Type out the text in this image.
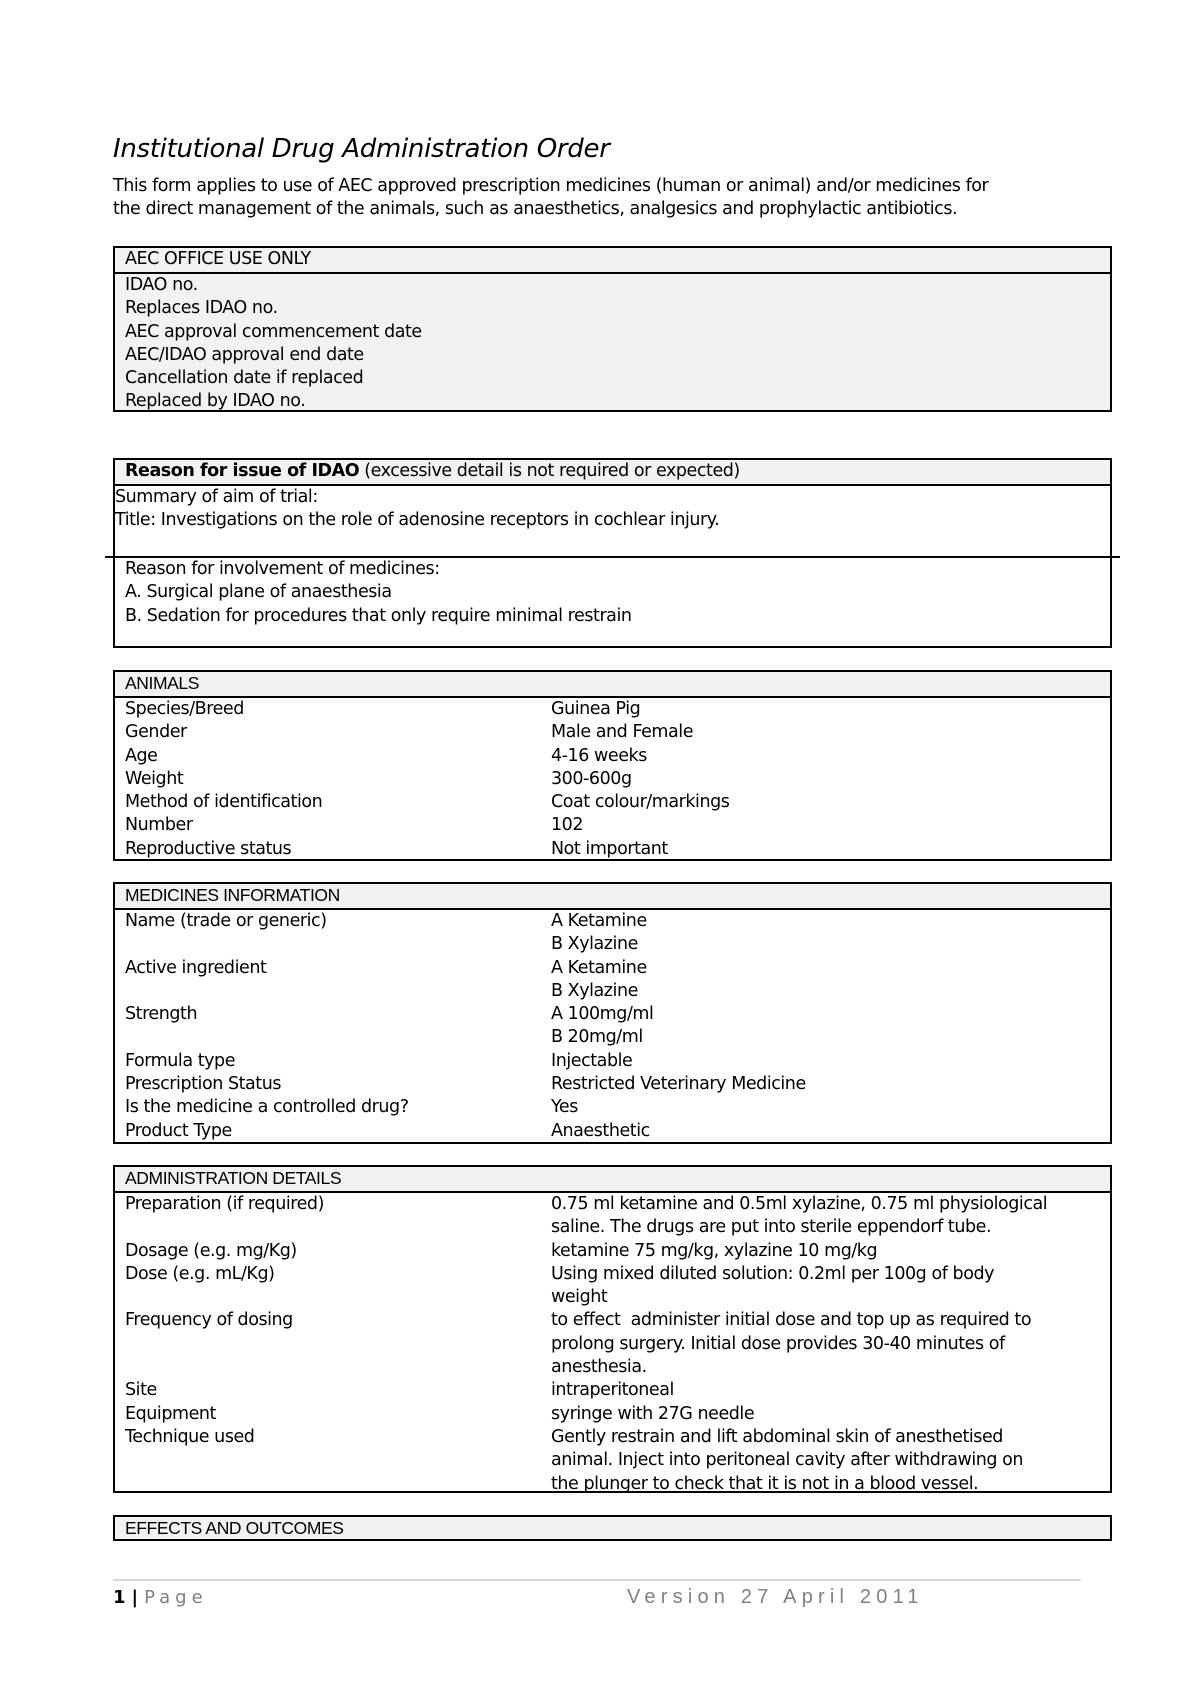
Institutional Drug Administration Order

This form applies to use of AEC approved prescription medicines (human or animal) and/or medicines for
the direct management of the animals, such as anaesthetics, analgesics and prophylactic antibiotics.

AEC OFFICE USE ONLY
IDAO no.
Replaces IDAO no.
AEC approval commencement date
AEC/IDAO approval end date
Cancellation date if replaced
Replaced by IDAO no.
Reason for issue of IDAO (excessive detail is not required or expected)
Summary of aim of trial:
Title: Investigations on the role of adenosine receptors in cochlear injury.
Reason for involvement of medicines:
A. Surgical plane of anaesthesia
B. Sedation for procedures that only require minimal restrain
ANIMALS
Species/Breed	Guinea Pig
Gender	Male and Female
Age	4-16 weeks
Weight	300-600g
Method of identification	Coat colour/markings
Number	102
Reproductive status	Not important
MEDICINES INFORMATION
Name (trade or generic)	A Ketamine
B Xylazine
Active ingredient	A Ketamine
B Xylazine
Strength	A 100mg/ml
B 20mg/ml
Formula type	Injectable
Prescription Status	Restricted Veterinary Medicine
Is the medicine a controlled drug?	Yes
Product Type	Anaesthetic
ADMINISTRATION DETAILS
Preparation (if required)	0.75 ml ketamine and 0.5ml xylazine, 0.75 ml physiological
saline. The drugs are put into sterile eppendorf tube.
Dosage (e.g. mg/Kg)	ketamine 75 mg/kg, xylazine 10 mg/kg
Dose (e.g. mL/Kg)	Using mixed diluted solution: 0.2ml per 100g of body
weight
Frequency of dosing	to effect  administer initial dose and top up as required to
prolong surgery. Initial dose provides 30-40 minutes of
anesthesia.
Site	intraperitoneal
Equipment	syringe with 27G needle
Technique used	Gently restrain and lift abdominal skin of anesthetised
animal. Inject into peritoneal cavity after withdrawing on
the plunger to check that it is not in a blood vessel.
EFFECTS AND OUTCOMES
1 | Page	Version 27 April 2011
